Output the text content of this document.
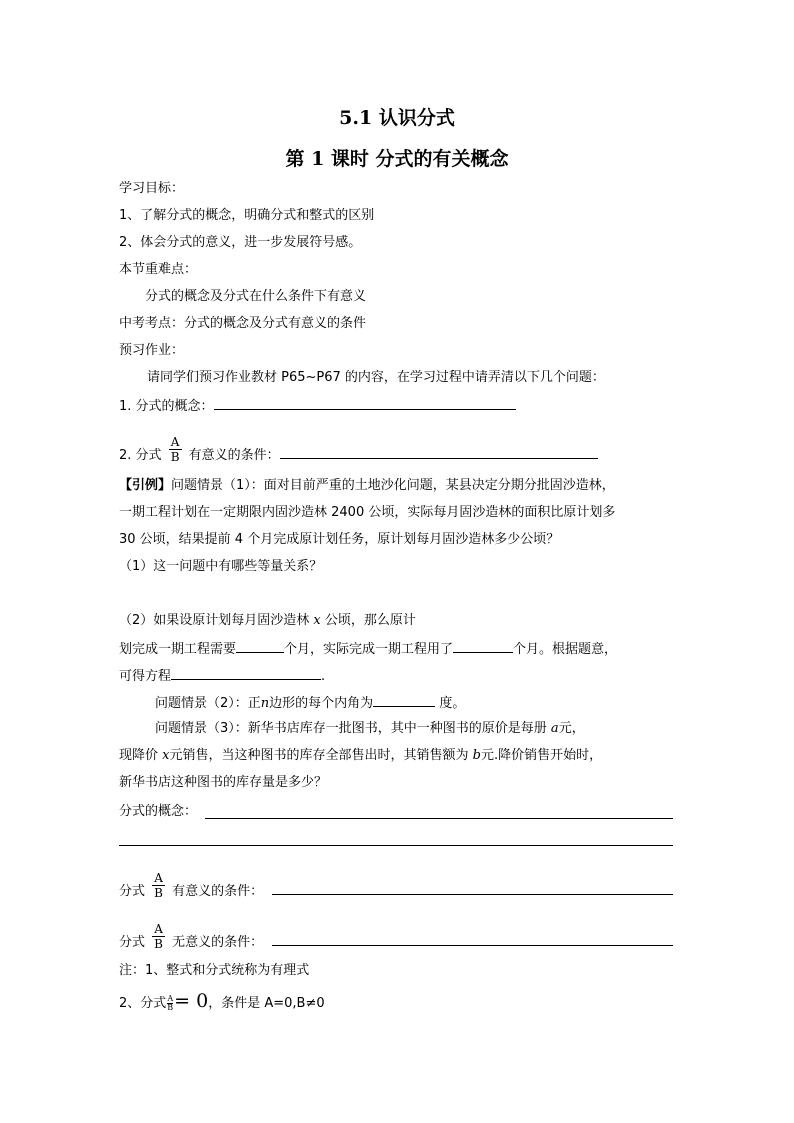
5.1 认识分式
第 1 课时 分式的有关概念
学习目标：
1、了解分式的概念，明确分式和整式的区别
2、体会分式的意义，进一步发展符号感。
本节重难点：
分式的概念及分式在什么条件下有意义
中考考点：分式的概念及分式有意义的条件
预习作业：
请同学们预习作业教材 P65~P67 的内容，在学习过程中请弄清以下几个问题：
1. 分式的概念：
2. 分式 $\frac{A}{B}$ 有意义的条件：
【引例】问题情景（1）：面对目前严重的土地沙化问题，某县决定分期分批固沙造林，
一期工程计划在一定期限内固沙造林 2400 公顷，实际每月固沙造林的面积比原计划多
30 公顷，结果提前 4 个月完成原计划任务，原计划每月固沙造林多少公顷？
（1）这一问题中有哪些等量关系？
（2）如果设原计划每月固沙造林 x 公顷，那么原计
划完成一期工程需要	个月，实际完成一期工程用了	个月。根据题意，
可得方程	.
问题情景（2）：正n边形的每个内角为	度。
问题情景（3）：新华书店库存一批图书，其中一种图书的原价是每册 a元，
现降价 x元销售，当这种图书的库存全部售出时，其销售额为 b元.降价销售开始时，
新华书店这种图书的库存量是多少？
分式的概念：
分式 $\frac{A}{B}$ 有意义的条件：
分式 $\frac{A}{B}$ 无意义的条件：
注：1、整式和分式统称为有理式
2、分式 $\frac{A}{B}= 0$，条件是 A=0,B≠0
